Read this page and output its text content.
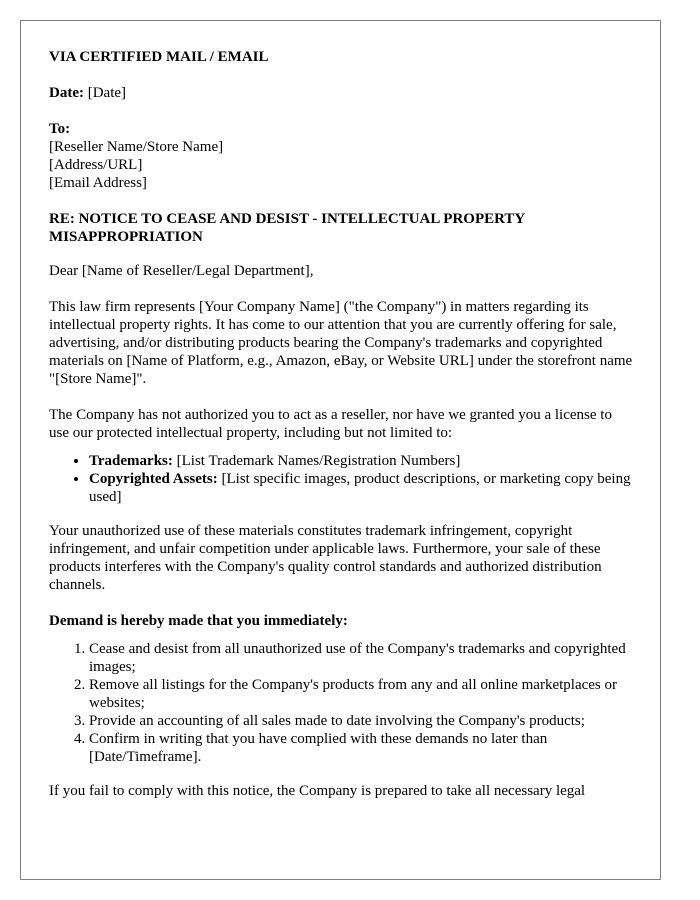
VIA CERTIFIED MAIL / EMAIL

Date: [Date]

To:
[Reseller Name/Store Name]
[Address/URL]
[Email Address]

RE: NOTICE TO CEASE AND DESIST - INTELLECTUAL PROPERTY MISAPPROPRIATION

Dear [Name of Reseller/Legal Department],

This law firm represents [Your Company Name] ("the Company") in matters regarding its intellectual property rights. It has come to our attention that you are currently offering for sale, advertising, and/or distributing products bearing the Company's trademarks and copyrighted materials on [Name of Platform, e.g., Amazon, eBay, or Website URL] under the storefront name "[Store Name]".

The Company has not authorized you to act as a reseller, nor have we granted you a license to use our protected intellectual property, including but not limited to:

• Trademarks: [List Trademark Names/Registration Numbers]
• Copyrighted Assets: [List specific images, product descriptions, or marketing copy being used]

Your unauthorized use of these materials constitutes trademark infringement, copyright infringement, and unfair competition under applicable laws. Furthermore, your sale of these products interferes with the Company's quality control standards and authorized distribution channels.

Demand is hereby made that you immediately:

1. Cease and desist from all unauthorized use of the Company's trademarks and copyrighted images;
2. Remove all listings for the Company's products from any and all online marketplaces or websites;
3. Provide an accounting of all sales made to date involving the Company's products;
4. Confirm in writing that you have complied with these demands no later than [Date/Timeframe].

If you fail to comply with this notice, the Company is prepared to take all necessary legal
